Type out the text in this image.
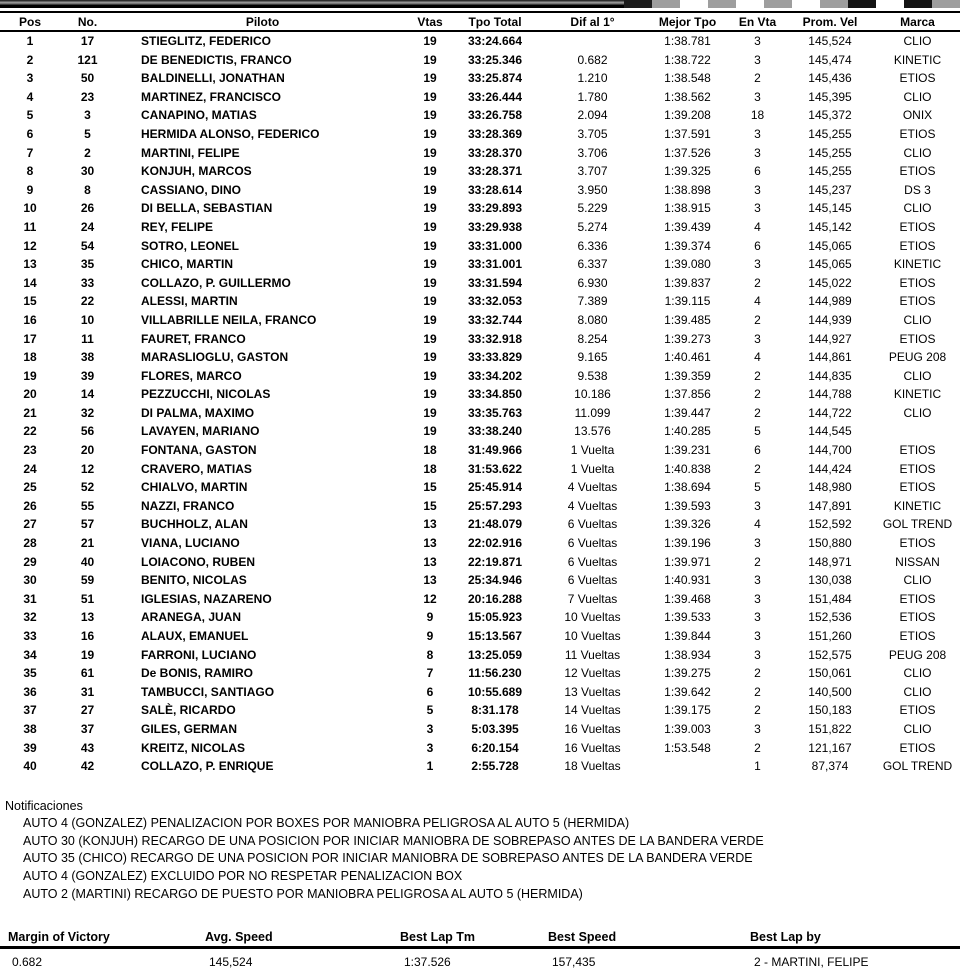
Pos	No.	Piloto	Vtas	Tpo Total	Dif al 1°	Mejor Tpo	En Vta	Prom. Vel	Marca
1	17	STIEGLITZ, FEDERICO	19	33:24.664		1:38.781	3	145,524	CLIO
2	121	DE BENEDICTIS, FRANCO	19	33:25.346	0.682	1:38.722	3	145,474	KINETIC
3	50	BALDINELLI, JONATHAN	19	33:25.874	1.210	1:38.548	2	145,436	ETIOS
4	23	MARTINEZ, FRANCISCO	19	33:26.444	1.780	1:38.562	3	145,395	CLIO
5	3	CANAPINO, MATIAS	19	33:26.758	2.094	1:39.208	18	145,372	ONIX
6	5	HERMIDA ALONSO, FEDERICO	19	33:28.369	3.705	1:37.591	3	145,255	ETIOS
7	2	MARTINI, FELIPE	19	33:28.370	3.706	1:37.526	3	145,255	CLIO
8	30	KONJUH, MARCOS	19	33:28.371	3.707	1:39.325	6	145,255	ETIOS
9	8	CASSIANO, DINO	19	33:28.614	3.950	1:38.898	3	145,237	DS 3
10	26	DI BELLA, SEBASTIAN	19	33:29.893	5.229	1:38.915	3	145,145	CLIO
11	24	REY, FELIPE	19	33:29.938	5.274	1:39.439	4	145,142	ETIOS
12	54	SOTRO, LEONEL	19	33:31.000	6.336	1:39.374	6	145,065	ETIOS
13	35	CHICO, MARTIN	19	33:31.001	6.337	1:39.080	3	145,065	KINETIC
14	33	COLLAZO, P. GUILLERMO	19	33:31.594	6.930	1:39.837	2	145,022	ETIOS
15	22	ALESSI, MARTIN	19	33:32.053	7.389	1:39.115	4	144,989	ETIOS
16	10	VILLABRILLE NEILA, FRANCO	19	33:32.744	8.080	1:39.485	2	144,939	CLIO
17	11	FAURET, FRANCO	19	33:32.918	8.254	1:39.273	3	144,927	ETIOS
18	38	MARASLIOGLU, GASTON	19	33:33.829	9.165	1:40.461	4	144,861	PEUG 208
19	39	FLORES, MARCO	19	33:34.202	9.538	1:39.359	2	144,835	CLIO
20	14	PEZZUCCHI, NICOLAS	19	33:34.850	10.186	1:37.856	2	144,788	KINETIC
21	32	DI PALMA, MAXIMO	19	33:35.763	11.099	1:39.447	2	144,722	CLIO
22	56	LAVAYEN, MARIANO	19	33:38.240	13.576	1:40.285	5	144,545	
23	20	FONTANA, GASTON	18	31:49.966	1 Vuelta	1:39.231	6	144,700	ETIOS
24	12	CRAVERO, MATIAS	18	31:53.622	1 Vuelta	1:40.838	2	144,424	ETIOS
25	52	CHIALVO, MARTIN	15	25:45.914	4 Vueltas	1:38.694	5	148,980	ETIOS
26	55	NAZZI, FRANCO	15	25:57.293	4 Vueltas	1:39.593	3	147,891	KINETIC
27	57	BUCHHOLZ, ALAN	13	21:48.079	6 Vueltas	1:39.326	4	152,592	GOL TREND
28	21	VIANA, LUCIANO	13	22:02.916	6 Vueltas	1:39.196	3	150,880	ETIOS
29	40	LOIACONO, RUBEN	13	22:19.871	6 Vueltas	1:39.971	2	148,971	NISSAN
30	59	BENITO, NICOLAS	13	25:34.946	6 Vueltas	1:40.931	3	130,038	CLIO
31	51	IGLESIAS, NAZARENO	12	20:16.288	7 Vueltas	1:39.468	3	151,484	ETIOS
32	13	ARANEGA, JUAN	9	15:05.923	10 Vueltas	1:39.533	3	152,536	ETIOS
33	16	ALAUX, EMANUEL	9	15:13.567	10 Vueltas	1:39.844	3	151,260	ETIOS
34	19	FARRONI, LUCIANO	8	13:25.059	11 Vueltas	1:38.934	3	152,575	PEUG 208
35	61	De BONIS, RAMIRO	7	11:56.230	12 Vueltas	1:39.275	2	150,061	CLIO
36	31	TAMBUCCI, SANTIAGO	6	10:55.689	13 Vueltas	1:39.642	2	140,500	CLIO
37	27	SALÈ, RICARDO	5	8:31.178	14 Vueltas	1:39.175	2	150,183	ETIOS
38	37	GILES, GERMAN	3	5:03.395	16 Vueltas	1:39.003	3	151,822	CLIO
39	43	KREITZ, NICOLAS	3	6:20.154	16 Vueltas	1:53.548	2	121,167	ETIOS
40	42	COLLAZO, P. ENRIQUE	1	2:55.728	18 Vueltas		1	87,374	GOL TREND
Notificaciones
AUTO 4 (GONZALEZ) PENALIZACION POR BOXES POR MANIOBRA PELIGROSA AL AUTO 5 (HERMIDA)
AUTO 30 (KONJUH) RECARGO DE UNA POSICION POR INICIAR MANIOBRA DE SOBREPASO ANTES DE LA BANDERA VERDE
AUTO 35 (CHICO) RECARGO DE UNA POSICION POR INICIAR MANIOBRA DE SOBREPASO ANTES DE LA BANDERA VERDE
AUTO 4 (GONZALEZ) EXCLUIDO POR NO RESPETAR PENALIZACION BOX
AUTO 2 (MARTINI) RECARGO DE PUESTO POR MANIOBRA PELIGROSA AL AUTO 5 (HERMIDA)
Margin of Victory	Avg. Speed	Best Lap Tm	Best Speed	Best Lap by
0.682	145,524	1:37.526	157,435	2 - MARTINI, FELIPE
